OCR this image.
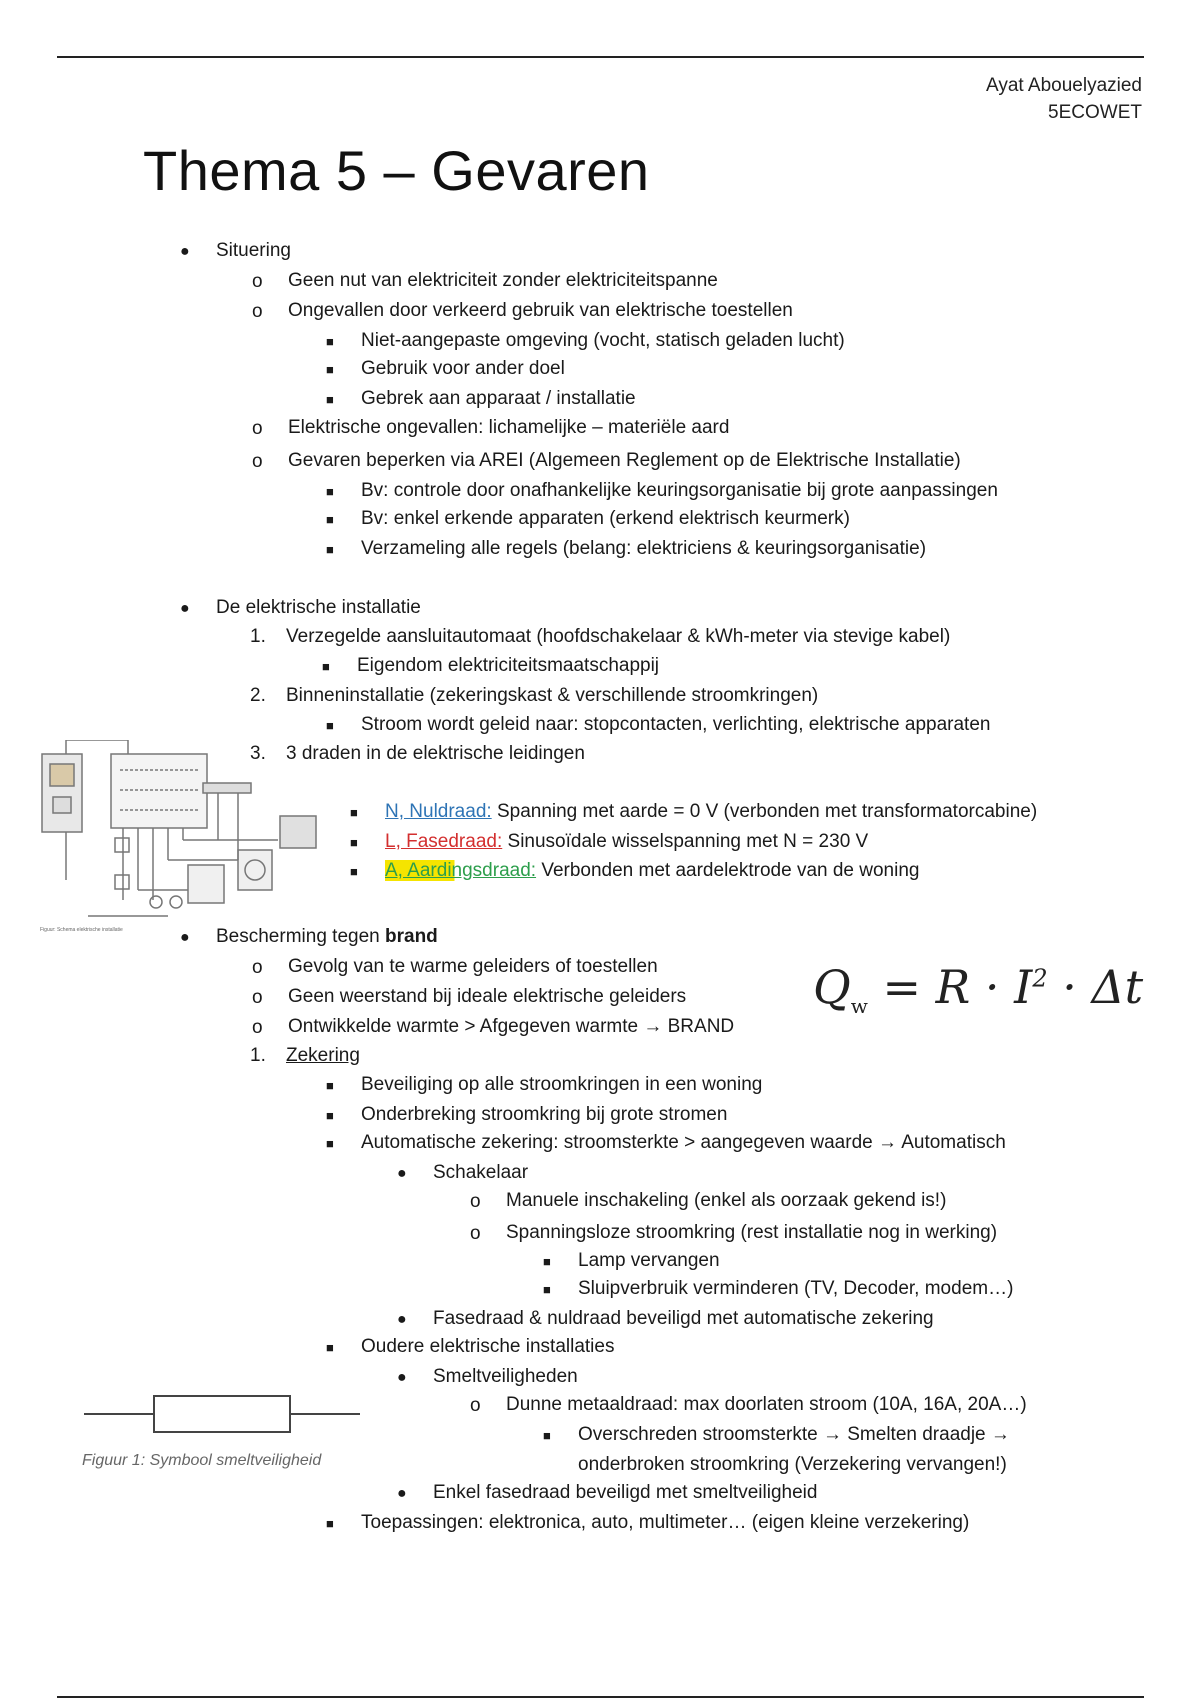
Ayat Abouelyazied
5ECOWET
Thema 5 – Gevaren
● Situering
o Geen nut van elektriciteit zonder elektriciteitspanne
o Ongevallen door verkeerd gebruik van elektrische toestellen
■ Niet-aangepaste omgeving (vocht, statisch geladen lucht)
■ Gebruik voor ander doel
■ Gebrek aan apparaat / installatie
o Elektrische ongevallen: lichamelijke – materiële aard
o Gevaren beperken via AREI (Algemeen Reglement op de Elektrische Installatie)
■ Bv: controle door onafhankelijke keuringsorganisatie bij grote aanpassingen
■ Bv: enkel erkende apparaten (erkend elektrisch keurmerk)
■ Verzameling alle regels (belang: elektriciens & keuringsorganisatie)
● De elektrische installatie
1. Verzegelde aansluitautomaat (hoofdschakelaar & kWh-meter via stevige kabel)
■ Eigendom elektriciteitsmaatschappij
2. Binneninstallatie (zekeringskast & verschillende stroomkringen)
■ Stroom wordt geleid naar: stopcontacten, verlichting, elektrische apparaten
3. 3 draden in de elektrische leidingen
■ N, Nuldraad: Spanning met aarde = 0 V (verbonden met transformatorcabine)
■ L, Fasedraad: Sinusoïdale wisselspanning met N = 230 V
■ A, Aardingsdraad: Verbonden met aardelektrode van de woning
Figuur: Schema elektrische installatie	● Bescherming tegen brand
o Gevolg van te warme geleiders of toestellen
o Geen weerstand bij ideale elektrische geleiders
o Ontwikkelde warmte > Afgegeven warmte → BRAND
$Q_w = R \cdot I^2 \cdot \Delta t$
1. Zekering
■ Beveiliging op alle stroomkringen in een woning
■ Onderbreking stroomkring bij grote stromen
■ Automatische zekering: stroomsterkte > aangegeven waarde → Automatisch
● Schakelaar
o Manuele inschakeling (enkel als oorzaak gekend is!)
o Spanningsloze stroomkring (rest installatie nog in werking)
■ Lamp vervangen
■ Sluipverbruik verminderen (TV, Decoder, modem…)
● Fasedraad & nuldraad beveiligd met automatische zekering
■ Oudere elektrische installaties
● Smeltveiligheden
o Dunne metaaldraad: max doorlaten stroom (10A, 16A, 20A…)
■ Overschreden stroomsterkte → Smelten draadje →
onderbroken stroomkring (Verzekering vervangen!)
● Enkel fasedraad beveiligd met smeltveiligheid
■ Toepassingen: elektronica, auto, multimeter… (eigen kleine verzekering)
Figuur 1: Symbool smeltveiligheid
